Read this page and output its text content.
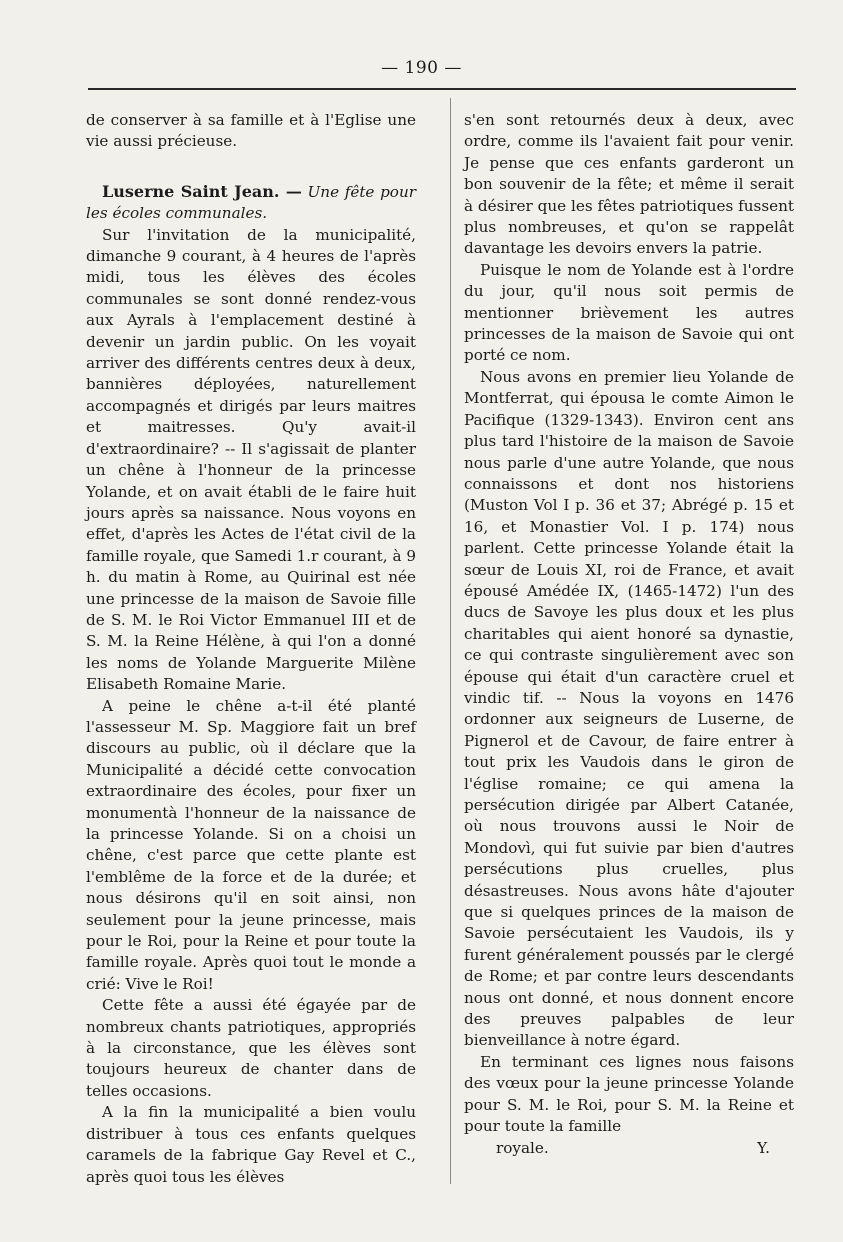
— 190 —

de conserver à sa famille et à l'Eglise une vie aussi précieuse.

Luserne Saint Jean. — Une fête pour les écoles communales.

Sur l'invitation de la municipalité, dimanche 9 courant, à 4 heures de l'après midi, tous les élèves des écoles communales se sont donné rendez-vous aux Ayrals à l'emplacement destiné à devenir un jardin public. On les voyait arriver des différents centres deux à deux, bannières déployées, naturellement accompagnés et dirigés par leurs maitres et maitresses. Qu'y avait-il d'extraordinaire? -- Il s'agissait de planter un chêne à l'honneur de la princesse Yolande, et on avait établi de le faire huit jours après sa naissance. Nous voyons en effet, d'après les Actes de l'état civil de la famille royale, que Samedi 1.r courant, à 9 h. du matin à Rome, au Quirinal est née une princesse de la maison de Savoie fille de S. M. le Roi Victor Emmanuel III et de S. M. la Reine Hélène, à qui l'on a donné les noms de Yolande Marguerite Milène Elisabeth Romaine Marie.

A peine le chêne a-t-il été planté l'assesseur M. Sp. Maggiore fait un bref discours au public, où il déclare que la Municipalité a décidé cette convocation extraordinaire des écoles, pour fixer un monumentà l'honneur de la naissance de la princesse Yolande. Si on a choisi un chêne, c'est parce que cette plante est l'emblême de la force et de la durée; et nous désirons qu'il en soit ainsi, non seulement pour la jeune princesse, mais pour le Roi, pour la Reine et pour toute la famille royale. Après quoi tout le monde a crié: Vive le Roi!

Cette fête a aussi été égayée par de nombreux chants patriotiques, appropriés à la circonstance, que les élèves sont toujours heureux de chanter dans de telles occasions.

A la fin la municipalité a bien voulu distribuer à tous ces enfants quelques caramels de la fabrique Gay Revel et C., après quoi tous les élèves

s'en sont retournés deux à deux, avec ordre, comme ils l'avaient fait pour venir. Je pense que ces enfants garderont un bon souvenir de la fête; et même il serait à désirer que les fêtes patriotiques fussent plus nombreuses, et qu'on se rappelât davantage les devoirs envers la patrie.

Puisque le nom de Yolande est à l'ordre du jour, qu'il nous soit permis de mentionner brièvement les autres princesses de la maison de Savoie qui ont porté ce nom.

Nous avons en premier lieu Yolande de Montferrat, qui épousa le comte Aimon le Pacifique (1329-1343). Environ cent ans plus tard l'histoire de la maison de Savoie nous parle d'une autre Yolande, que nous connaissons et dont nos historiens (Muston Vol I p. 36 et 37; Abrégé p. 15 et 16, et Monastier Vol. I p. 174) nous parlent. Cette princesse Yolande était la sœur de Louis XI, roi de France, et avait épousé Amédée IX, (1465-1472) l'un des ducs de Savoye les plus doux et les plus charitables qui aient honoré sa dynastie, ce qui contraste singulièrement avec son épouse qui était d'un caractère cruel et vindic tif. -- Nous la voyons en 1476 ordonner aux seigneurs de Luserne, de Pignerol et de Cavour, de faire entrer à tout prix les Vaudois dans le giron de l'église romaine; ce qui amena la persécution dirigée par Albert Catanée, où nous trouvons aussi le Noir de Mondovì, qui fut suivie par bien d'autres persécutions plus cruelles, plus désastreuses. Nous avons hâte d'ajouter que si quelques princes de la maison de Savoie persécutaient les Vaudois, ils y furent généralement poussés par le clergé de Rome; et par contre leurs descendants nous ont donné, et nous donnent encore des preuves palpables de leur bienveillance à notre égard.

En terminant ces lignes nous faisons des vœux pour la jeune princesse Yolande pour S. M. le Roi, pour S. M. la Reine et pour toute la famille

royale.	Y.
